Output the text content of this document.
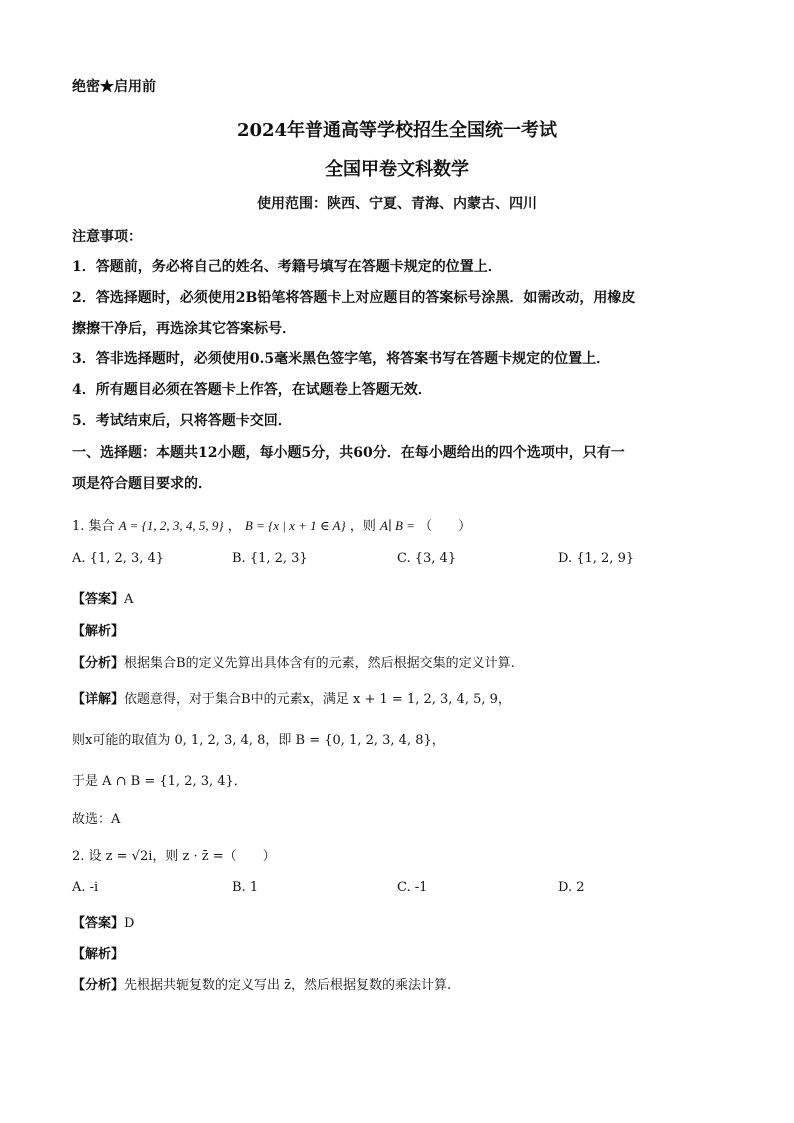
绝密★启用前
2024年普通高等学校招生全国统一考试
全国甲卷文科数学
使用范围：陕西、宁夏、青海、内蒙古、四川
注意事项：
1．答题前，务必将自己的姓名、考籍号填写在答题卡规定的位置上．
2．答选择题时，必须使用2B铅笔将答题卡上对应题目的答案标号涂黑．如需改动，用橡皮
擦擦干净后，再选涂其它答案标号．
3．答非选择题时，必须使用0.5毫米黑色签字笔，将答案书写在答题卡规定的位置上．
4．所有题目必须在答题卡上作答，在试题卷上答题无效．
5．考试结束后，只将答题卡交回．
一、选择题：本题共12小题，每小题5分，共60分．在每小题给出的四个选项中，只有一
项是符合题目要求的．
1. 集合 A = {1, 2, 3, 4, 5, 9} ， B = {x | x + 1 ∈ A} ，则 A∣ B = （　　）
A. {1, 2, 3, 4}	B. {1, 2, 3}	C. {3, 4}	D. {1, 2, 9}
【答案】A
【解析】
【分析】根据集合B的定义先算出具体含有的元素，然后根据交集的定义计算.
【详解】依题意得，对于集合B中的元素x，满足 x + 1 = 1, 2, 3, 4, 5, 9，
则x可能的取值为 0, 1, 2, 3, 4, 8，即 B = {0, 1, 2, 3, 4, 8}，
于是 A ∩ B = {1, 2, 3, 4}．
故选：A
2. 设 z = √2i，则 z · z̄ =（　　）
A. -i	B. 1	C. -1	D. 2
【答案】D
【解析】
【分析】先根据共轭复数的定义写出 z̄，然后根据复数的乘法计算.
